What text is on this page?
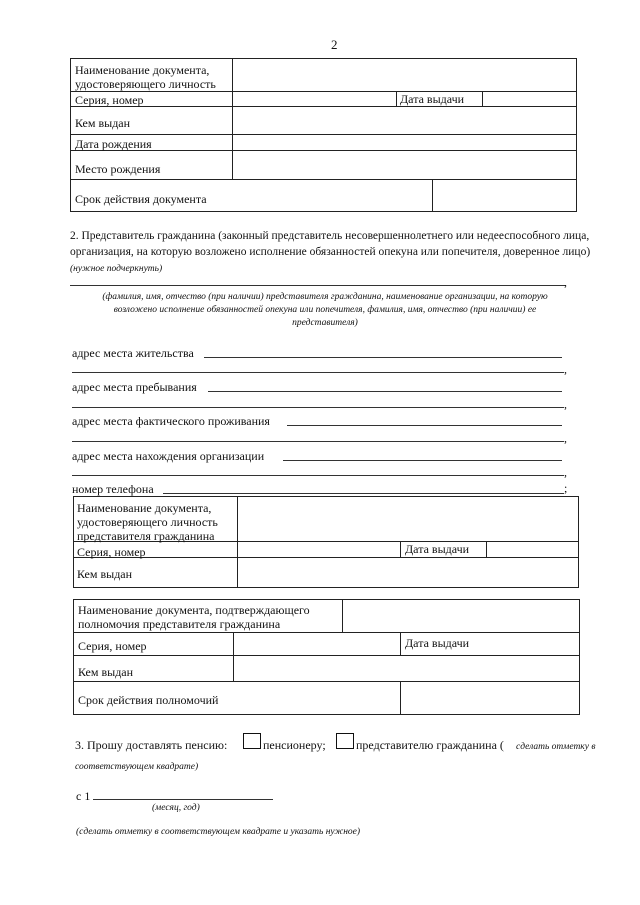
2
Наименование документа,
удостоверяющего личность
Серия, номер	Дата выдачи
Кем выдан
Дата рождения
Место рождения
Срок действия документа
2. Представитель гражданина (законный представитель несовершеннолетнего или недееспособного лица,
организация, на которую возложено исполнение обязанностей опекуна или попечителя, доверенное лицо)
(нужное подчеркнуть)
,
(фамилия, имя, отчество (при наличии) представителя гражданина, наименование организации, на которую
возложено исполнение обязанностей опекуна или попечителя, фамилия, имя, отчество (при наличии) ее
представителя)
адрес места жительства
,
адрес места пребывания
,
адрес места фактического проживания
,
адрес места нахождения организации
,
номер телефона	;
Наименование документа,
удостоверяющего личность
представителя гражданина
Серия, номер	Дата выдачи
Кем выдан
Наименование документа, подтверждающего
полномочия представителя гражданина
Серия, номер	Дата выдачи
Кем выдан
Срок действия полномочий
3. Прошу доставлять пенсию:	пенсионеру;	представителю гражданина ( сделать отметку в
соответствующем квадрате)
с 1
(месяц, год)
(сделать отметку в соответствующем квадрате и указать нужное)
